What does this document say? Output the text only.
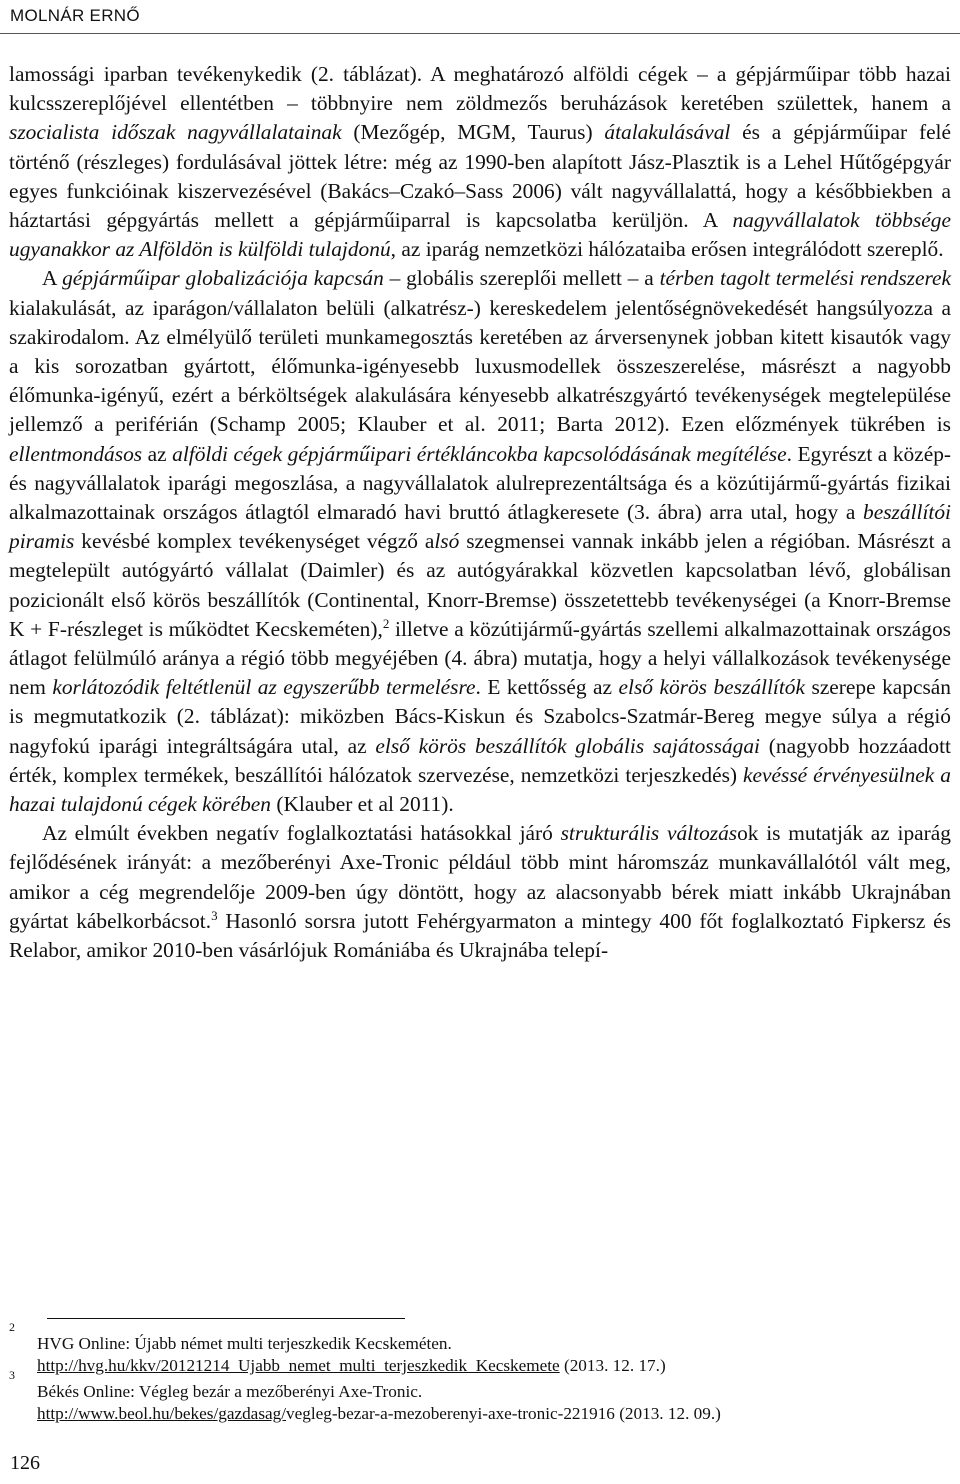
MOLNÁR ERNŐ

lamossági iparban tevékenykedik (2. táblázat). A meghatározó alföldi cégek – a gépjárműipar több hazai kulcsszereplőjével ellentétben – többnyire nem zöldmezős beruházások keretében születtek, hanem a szocialista időszak nagyvállalatainak (Mezőgép, MGM, Taurus) átalakulásával és a gépjárműipar felé történő (részleges) fordulásával jöttek létre: még az 1990-ben alapított Jász-Plasztik is a Lehel Hűtőgépgyár egyes funkcióinak kiszervezésével (Bakács–Czakó–Sass 2006) vált nagyvállalattá, hogy a későbbiekben a háztartási gépgyártás mellett a gépjárműiparral is kapcsolatba kerüljön. A nagyvállalatok többsége ugyanakkor az Alföldön is külföldi tulajdonú, az iparág nemzetközi hálózataiba erősen integrálódott szereplő.

A gépjárműipar globalizációja kapcsán – globális szereplői mellett – a térben tagolt termelési rendszerek kialakulását, az iparágon/vállalaton belüli (alkatrész-) kereskedelem jelentőségnövekedését hangsúlyozza a szakirodalom. Az elmélyülő területi munkamegosztás keretében az árversenynek jobban kitett kisautók vagy a kis sorozatban gyártott, élőmunka-igényesebb luxusmodellek összeszerelése, másrészt a nagyobb élőmunka-igényű, ezért a bérköltségek alakulására kényesebb alkatrészgyártó tevékenységek megtelepülése jellemző a periférián (Schamp 2005; Klauber et al. 2011; Barta 2012). Ezen előzmények tükrében is ellentmondásos az alföldi cégek gépjárműipari értékláncokba kapcsolódásának megítélése. Egyrészt a közép- és nagyvállalatok iparági megoszlása, a nagyvállalatok alulreprezentáltsága és a közútijármű-gyártás fizikai alkalmazottainak országos átlagtól elmaradó havi bruttó átlagkeresete (3. ábra) arra utal, hogy a beszállítói piramis kevésbé komplex tevékenységet végző alsó szegmensei vannak inkább jelen a régióban. Másrészt a megtelepült autógyártó vállalat (Daimler) és az autógyárakkal közvetlen kapcsolatban lévő, globálisan pozicionált első körös beszállítók (Continental, Knorr-Bremse) összetettebb tevékenységei (a Knorr-Bremse K + F-részleget is működtet Kecskeméten),$^2$ illetve a közútijármű-gyártás szellemi alkalmazottainak országos átlagot felülmúló aránya a régió több megyéjében (4. ábra) mutatja, hogy a helyi vállalkozások tevékenysége nem korlátozódik feltétlenül az egyszerűbb termelésre. E kettősség az első körös beszállítók szerepe kapcsán is megmutatkozik (2. táblázat): miközben Bács-Kiskun és Szabolcs-Szatmár-Bereg megye súlya a régió nagyfokú iparági integráltságára utal, az első körös beszállítók globális sajátosságai (nagyobb hozzáadott érték, komplex termékek, beszállítói hálózatok szervezése, nemzetközi terjeszkedés) kevéssé érvényesülnek a hazai tulajdonú cégek körében (Klauber et al 2011).

Az elmúlt években negatív foglalkoztatási hatásokkal járó strukturális változások is mutatják az iparág fejlődésének irányát: a mezőberényi Axe-Tronic például több mint háromszáz munkavállalótól vált meg, amikor a cég megrendelője 2009-ben úgy döntött, hogy az alacsonyabb bérek miatt inkább Ukrajnában gyártat kábelkorbácsot.$^3$ Hasonló sorsra jutott Fehérgyarmaton a mintegy 400 főt foglalkoztató Fipkersz és Relabor, amikor 2010-ben vásárlójuk Romániába és Ukrajnába telepí-

2
HVG Online: Újabb német multi terjeszkedik Kecskeméten.
http://hvg.hu/kkv/20121214_Ujabb_nemet_multi_terjeszkedik_Kecskemete (2013. 12. 17.)
3
Békés Online: Végleg bezár a mezőberényi Axe-Tronic.
http://www.beol.hu/bekes/gazdasag/vegleg-bezar-a-mezoberenyi-axe-tronic-221916 (2013. 12. 09.)
126
